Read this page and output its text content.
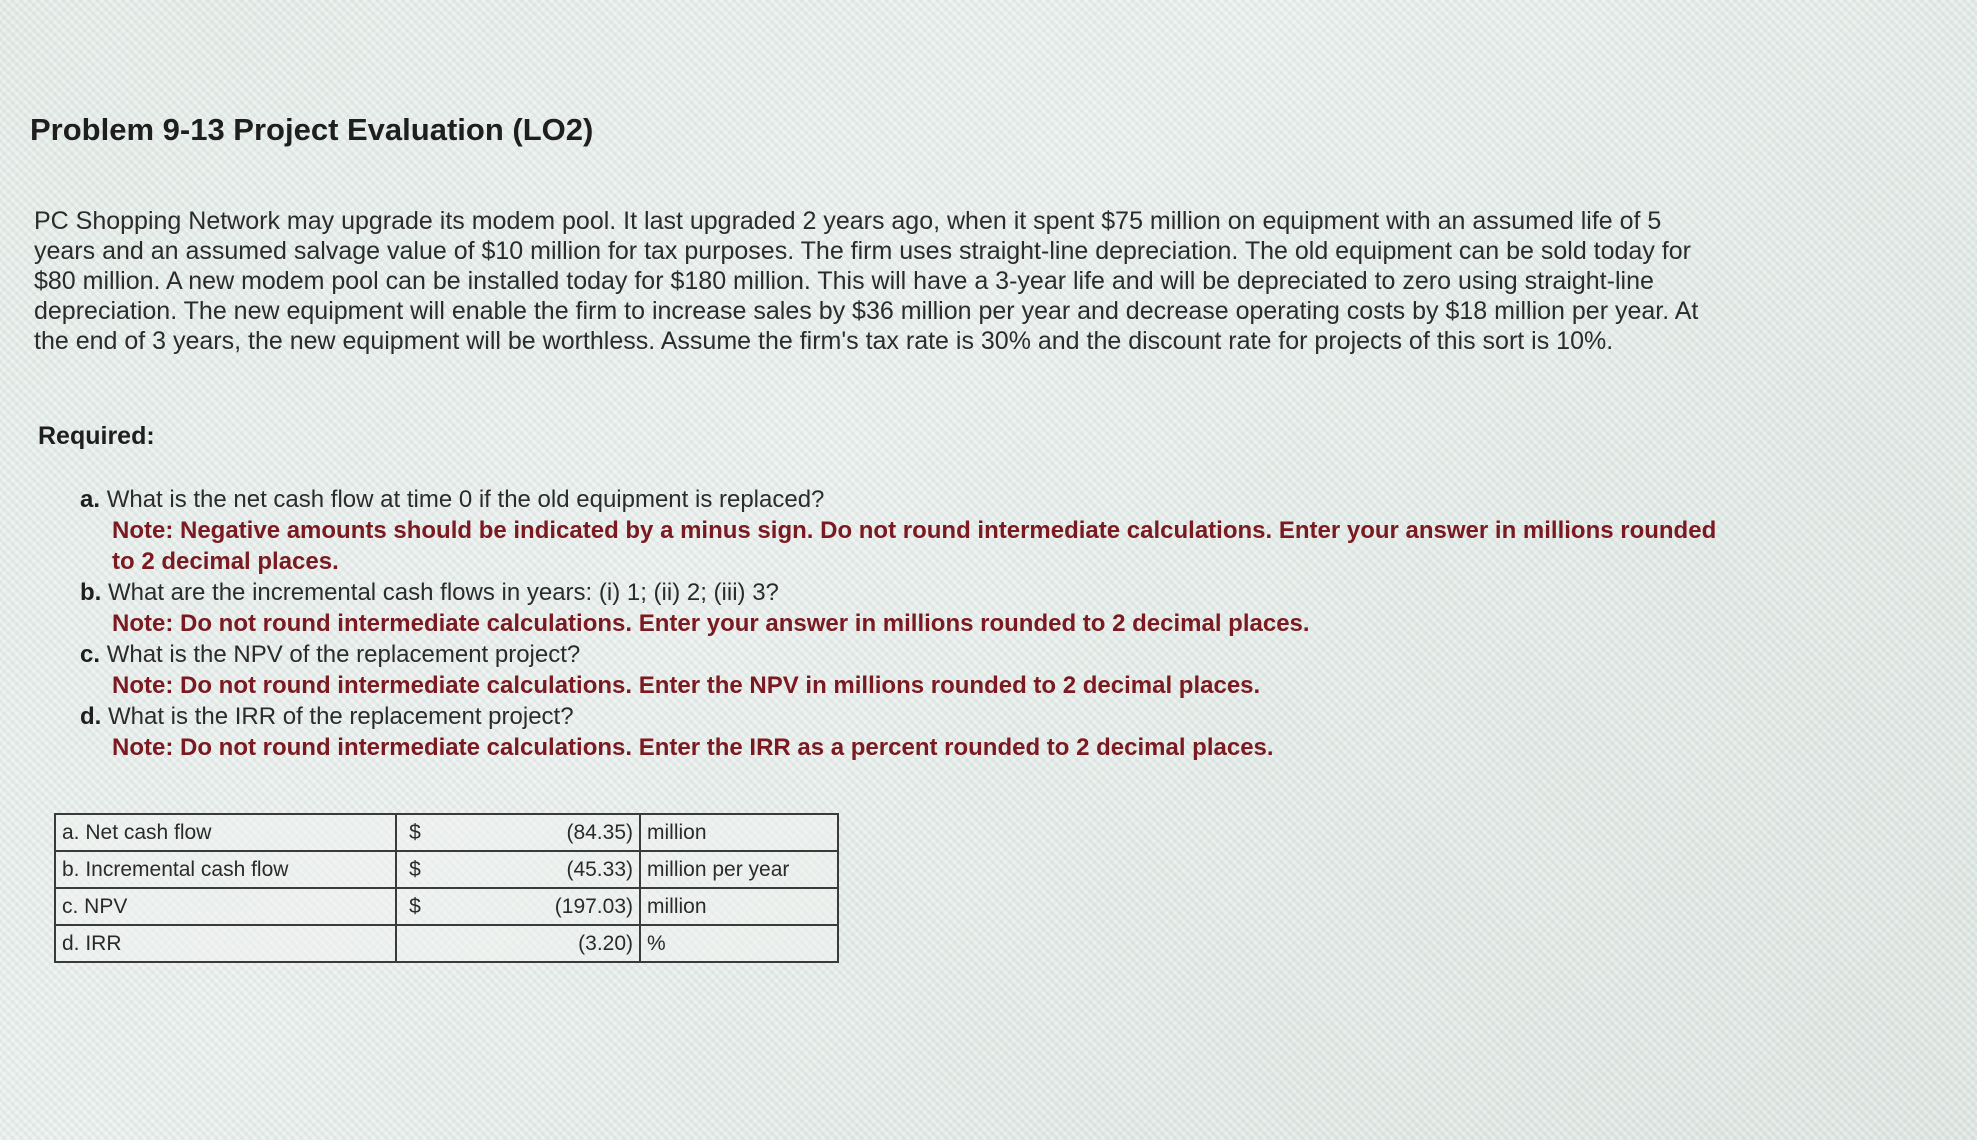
Problem 9-13 Project Evaluation (LO2)

PC Shopping Network may upgrade its modem pool. It last upgraded 2 years ago, when it spent $75 million on equipment with an assumed life of 5 years and an assumed salvage value of $10 million for tax purposes. The firm uses straight-line depreciation. The old equipment can be sold today for $80 million. A new modem pool can be installed today for $180 million. This will have a 3-year life and will be depreciated to zero using straight-line depreciation. The new equipment will enable the firm to increase sales by $36 million per year and decrease operating costs by $18 million per year. At the end of 3 years, the new equipment will be worthless. Assume the firm's tax rate is 30% and the discount rate for projects of this sort is 10%.

Required:
a. What is the net cash flow at time 0 if the old equipment is replaced?
Note: Negative amounts should be indicated by a minus sign. Do not round intermediate calculations. Enter your answer in millions rounded to 2 decimal places.
b. What are the incremental cash flows in years: (i) 1; (ii) 2; (iii) 3?
Note: Do not round intermediate calculations. Enter your answer in millions rounded to 2 decimal places.
c. What is the NPV of the replacement project?
Note: Do not round intermediate calculations. Enter the NPV in millions rounded to 2 decimal places.
d. What is the IRR of the replacement project?
Note: Do not round intermediate calculations. Enter the IRR as a percent rounded to 2 decimal places.
a. Net cash flow	$	(84.35)	million
b. Incremental cash flow	$	(45.33)	million per year
c. NPV	$	(197.03)	million
d. IRR		(3.20)	%
